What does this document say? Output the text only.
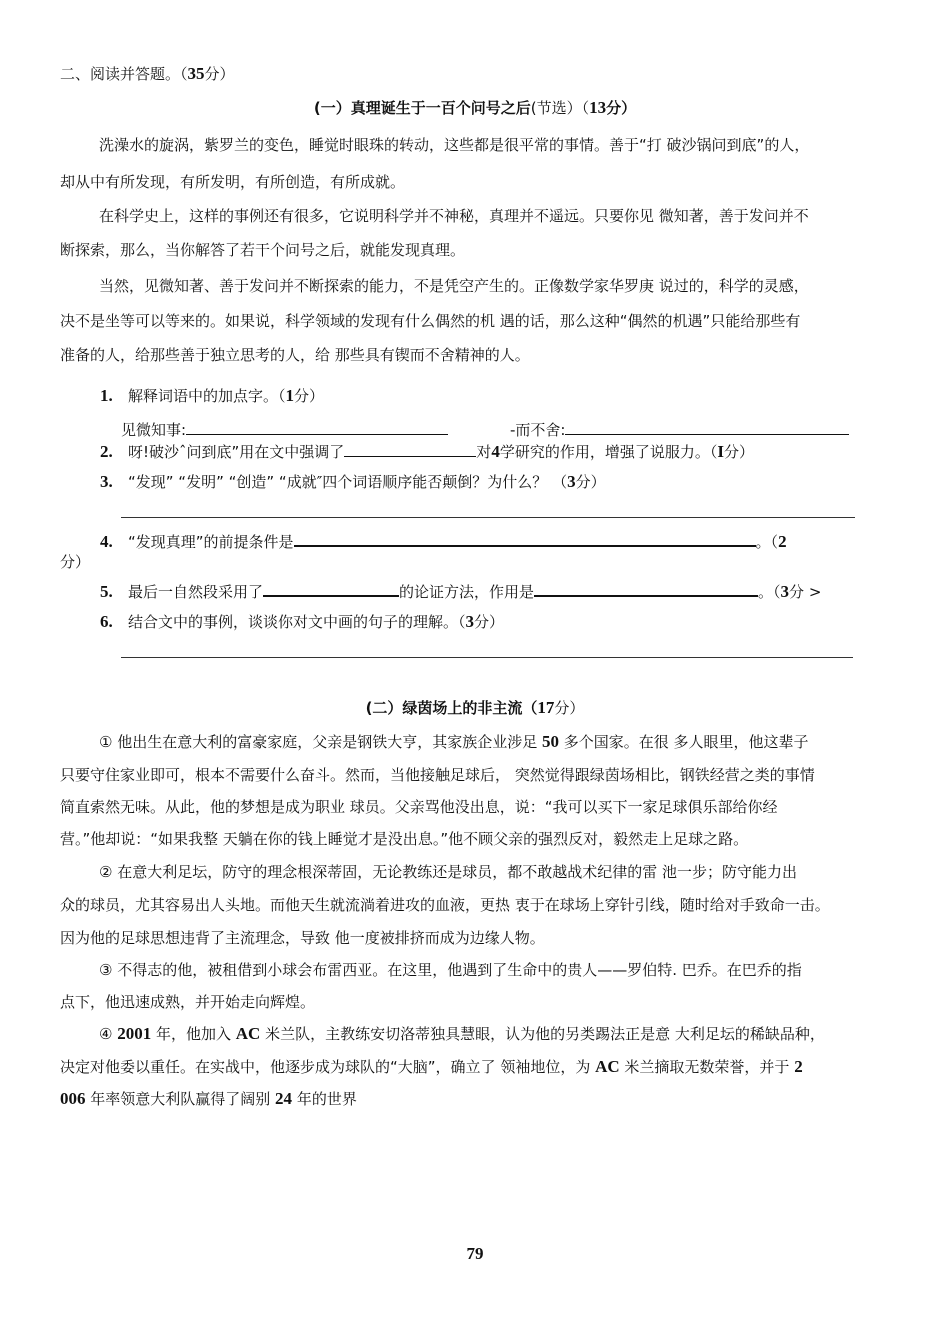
二、阅读并答题。（35分）
(一）真理诞生于一百个问号之后(节选）（13分）
洗澡水的旋涡，紫罗兰的变色，睡觉时眼珠的转动，这些都是很平常的事情。善于“打 破沙锅问到底”的人，
却从中有所发现，有所发明，有所创造，有所成就。
在科学史上，这样的事例还有很多，它说明科学并不神秘，真理并不遥远。只要你见 微知著，善于发问并不
断探索，那么，当你解答了若干个问号之后，就能发现真理。
当然，见微知著、善于发问并不断探索的能力，不是凭空产生的。正像数学家华罗庚 说过的，科学的灵感，
决不是坐等可以等来的。如果说，科学领域的发现有什么偶然的机 遇的话，那么这种“偶然的机遇”只能给那些有
准备的人，给那些善于独立思考的人，给 那些具有锲而不舍精神的人。
1. 解释词语中的加点字。（1分）
见微知事:	-而不舍:
2. 呀!破沙ˆ问到底”用在文中强调了	对4学研究的作用，增强了说服力。（I分）
3. “发现” “发明” “创造” “成就″四个词语顺序能否颠倒？为什么？ （3分）
4. “发现真理”的前提条件是	。（2
分）
5. 最后一自然段采用了	的论证方法，作用是	。（3分 >
6. 结合文中的事例，谈谈你对文中画的句子的理解。（3分）
(二）绿茵场上的非主流（17分）
① 他出生在意大利的富豪家庭，父亲是钢铁大亨，其家族企业涉足 50 多个国家。在很 多人眼里，他这辈子
只要守住家业即可，根本不需要什么奋斗。然而，当他接触足球后， 突然觉得跟绿茵场相比，钢铁经营之类的事情
简直索然无味。从此，他的梦想是成为职业 球员。父亲骂他没出息，说：“我可以买下一家足球俱乐部给你经
营。”他却说：“如果我整 天躺在你的钱上睡觉才是没出息。”他不顾父亲的强烈反对，毅然走上足球之路。
② 在意大利足坛，防守的理念根深蒂固，无论教练还是球员，都不敢越战术纪律的雷 池一步；防守能力出
众的球员，尤其容易出人头地。而他天生就流淌着进攻的血液，更热 衷于在球场上穿针引线，随时给对手致命一击。
因为他的足球思想违背了主流理念，导致 他一度被排挤而成为边缘人物。
③ 不得志的他，被租借到小球会布雷西亚。在这里，他遇到了生命中的贵人——罗伯特. 巴乔。在巴乔的指
点下，他迅速成熟，并开始走向辉煌。
④ 2001 年，他加入 AC 米兰队，主教练安切洛蒂独具慧眼，认为他的另类踢法正是意 大利足坛的稀缺品种，
决定对他委以重任。在实战中，他逐步成为球队的“大脑”，确立了 领袖地位，为 AC 米兰摘取无数荣誉，并于 2
006 年率领意大利队赢得了阔别 24 年的世界
79
